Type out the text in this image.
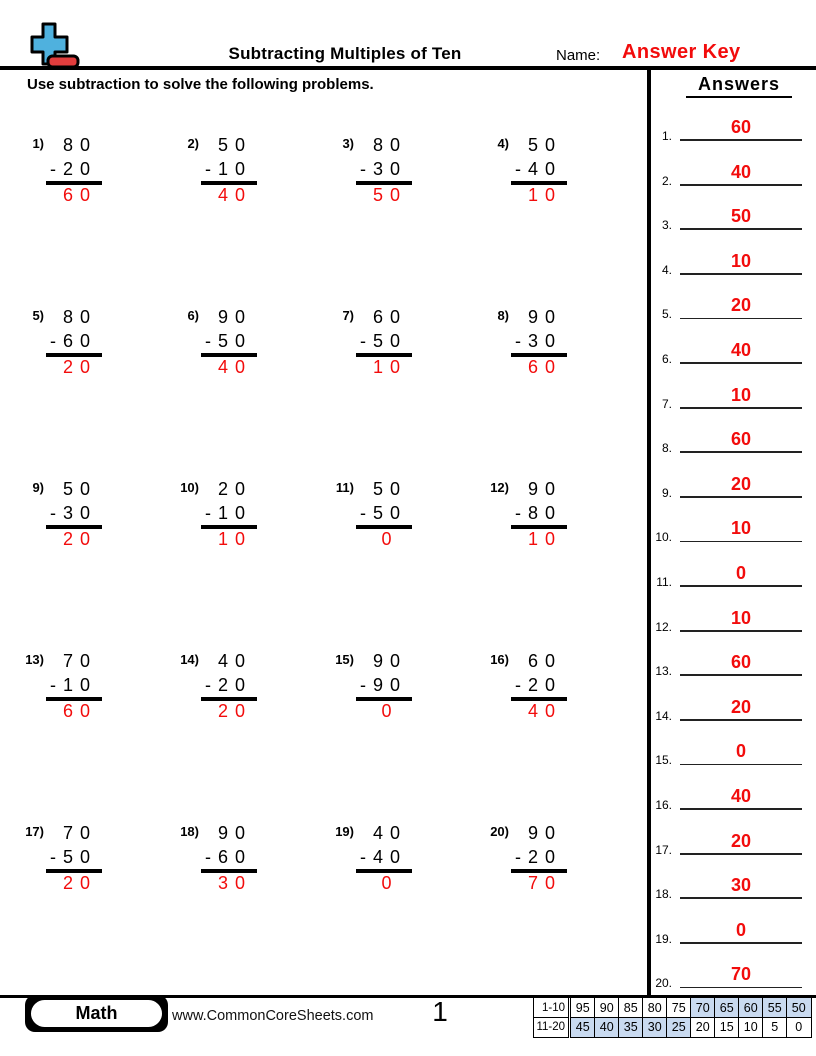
Subtracting Multiples of Ten	Name: Answer Key
Use subtraction to solve the following problems.	Answers
1.	60
2.	40
3.	50
4.	10
5.	20
6.	40
7.	10
8.	60
9.	20
10.	10
11.	0
12.	10
13.	60
14.	20
15.	0
16.	40
17.	20
18.	30
19.	0
20.	70
1) 80
-20
60
2) 50
-10
40
3) 80
-30
50
4) 50
-40
10
5) 80
-60
20
6) 90
-50
40
7) 60
-50
10
8) 90
-30
60
9) 50
-30
20
10) 20
-10
10
11) 50
-50
0
12) 90
-80
10
13) 70
-10
60
14) 40
-20
20
15) 90
-90
0
16) 60
-20
40
17) 70
-50
20
18) 90
-60
30
19) 40
-40
0
20) 90
-20
70
Math	www.CommonCoreSheets.com	1	1-10 95 90 85 80 75 70 65 60 55 50
11-20 45 40 35 30 25 20 15 10	5	0
